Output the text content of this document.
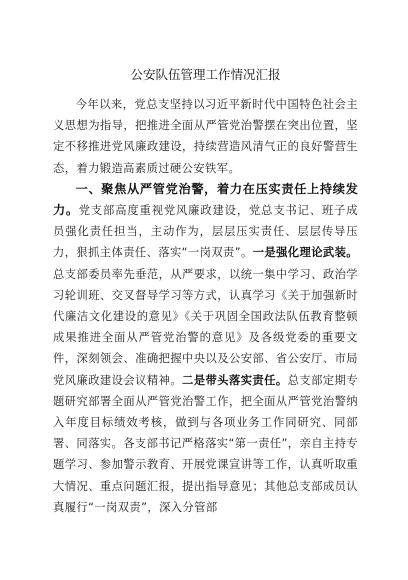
公安队伍管理工作情况汇报

今年以来，党总支坚持以习近平新时代中国特色社会主义思想为指导，把推进全面从严管党治警摆在突出位置，坚定不移推进党风廉政建设，持续营造风清气正的良好警营生态，着力锻造高素质过硬公安铁军。

一、聚焦从严管党治警，着力在压实责任上持续发力。党支部高度重视党风廉政建设，党总支书记、班子成员强化责任担当，主动作为，层层压实责任、层层传导压力，狠抓主体责任、落实“一岗双责”。一是强化理论武装。总支部委员率先垂范，从严要求，以统一集中学习、政治学习轮训班、交叉督导学习等方式，认真学习《关于加强新时代廉洁文化建设的意见》《关于巩固全国政法队伍教育整顿成果推进全面从严管党治警的意见》及各级党委的重要文件，深刻领会、准确把握中央以及公安部、省公安厅、市局党风廉政建设会议精神。二是带头落实责任。总支部定期专题研究部署全面从严管党治警工作，把全面从严管党治警纳入年度目标绩效考核，做到与各项业务工作同研究、同部署、同落实。各支部书记严格落实“第一责任”，亲自主持专题学习、参加警示教育、开展党课宣讲等工作，认真听取重大情况、重点问题汇报，提出指导意见；其他总支部成员认真履行“一岗双责”，深入分管部
